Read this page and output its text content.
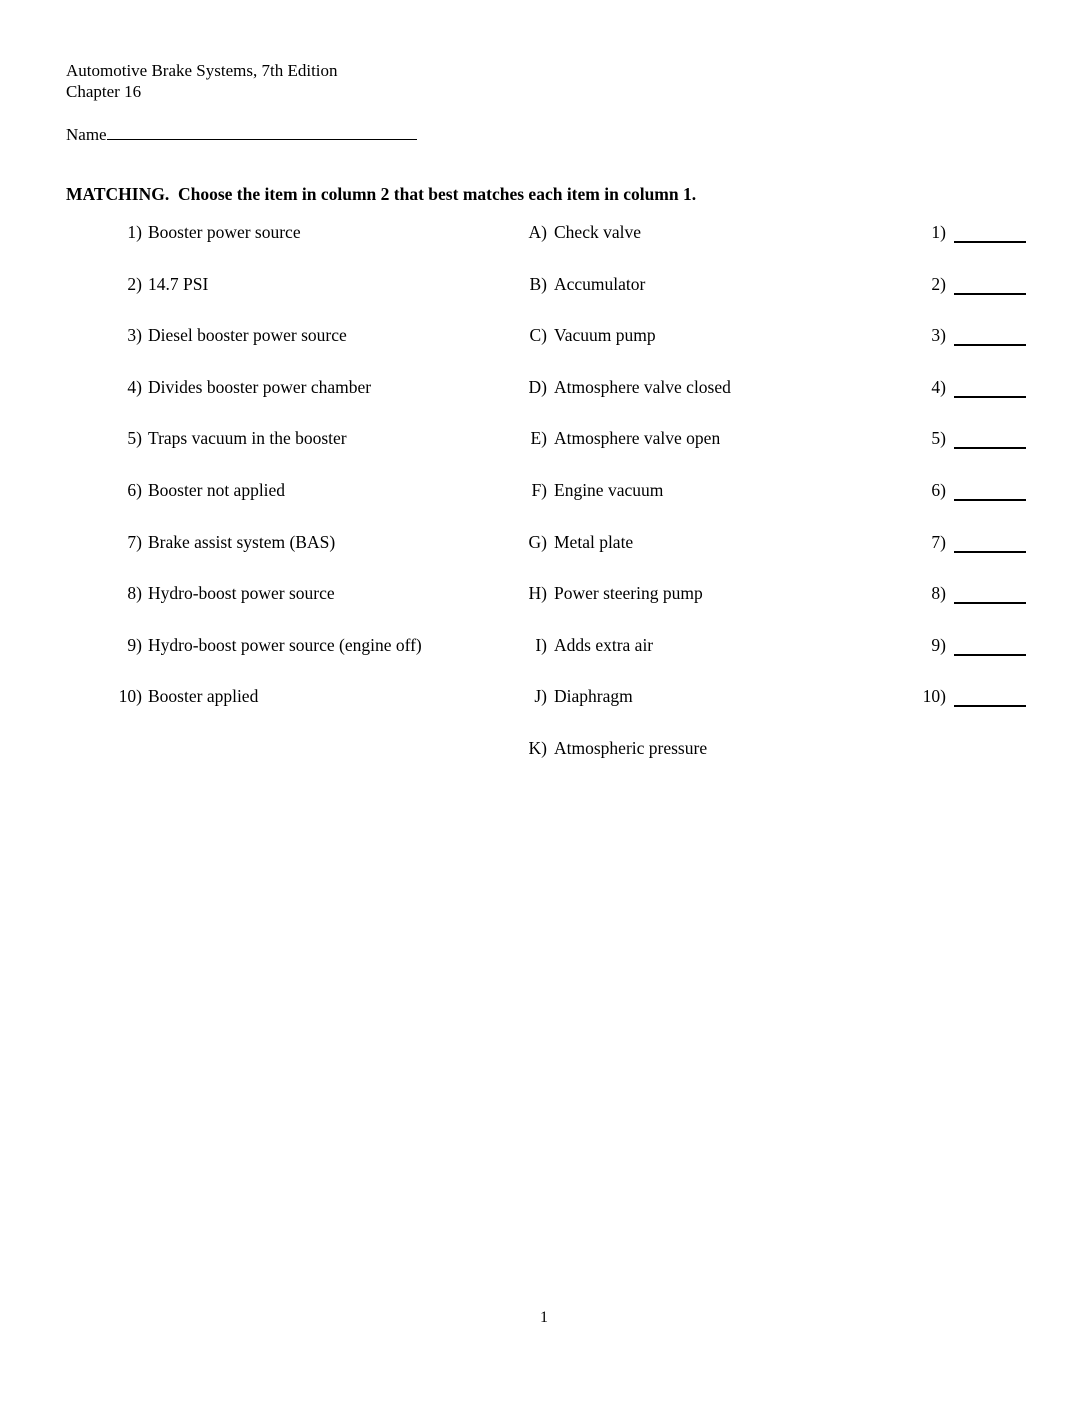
Automotive Brake Systems, 7th Edition
Chapter 16
Name
MATCHING.  Choose the item in column 2 that best matches each item in column 1.
1) Booster power source	A) Check valve	1)
2) 14.7 PSI	B) Accumulator	2)
3) Diesel booster power source	C) Vacuum pump	3)
4) Divides booster power chamber	D) Atmosphere valve closed	4)
5) Traps vacuum in the booster	E) Atmosphere valve open	5)
6) Booster not applied	F) Engine vacuum	6)
7) Brake assist system (BAS)	G) Metal plate	7)
8) Hydro-boost power source	H) Power steering pump	8)
9) Hydro-boost power source (engine off)	I) Adds extra air	9)
10) Booster applied	J) Diaphragm	10)
K) Atmospheric pressure
1
